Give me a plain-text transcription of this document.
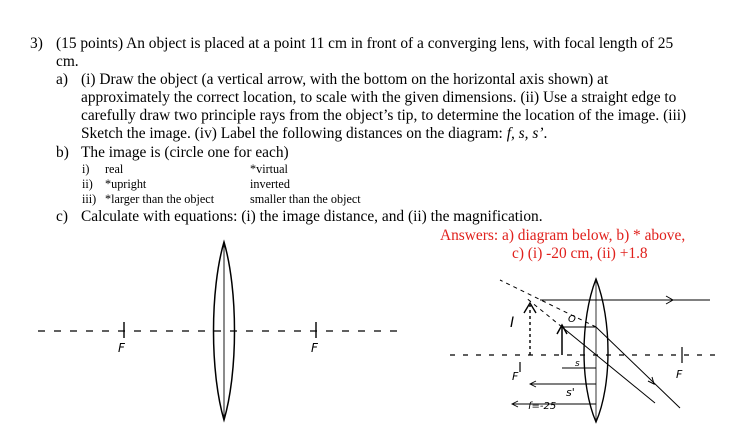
3) (15 points) An object is placed at a point 11 cm in front of a converging lens, with focal length of 25
cm.
a) (i) Draw the object (a vertical arrow, with the bottom on the horizontal axis shown) at
approximately the correct location, to scale with the given dimensions. (ii) Use a straight edge to
carefully draw two principle rays from the object’s tip, to determine the location of the image. (iii)
Sketch the image. (iv) Label the following distances on the diagram: f, s, s’.
b) The image is (circle one for each)
i) real	*virtual
ii) *upright	inverted
iii) *larger than the object	smaller than the object
c) Calculate with equations: (i) the image distance, and (ii) the magnification.
Answers: a) diagram below, b) * above,
c) (i) -20 cm, (ii) +1.8
F	F
I	O
F
F
s
s'
f=-25
